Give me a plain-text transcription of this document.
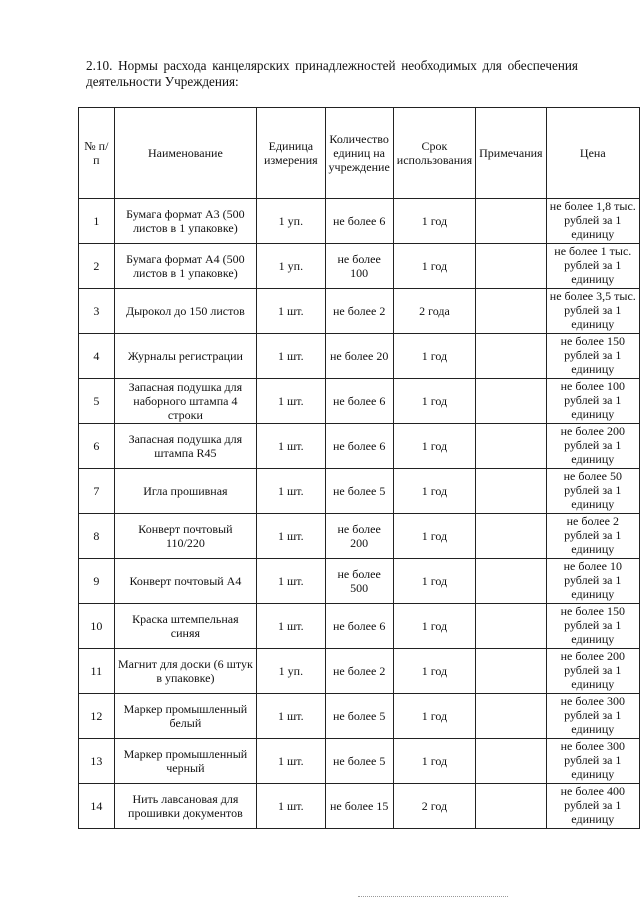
2.10. Нормы расхода канцелярских принадлежностей необходимых для обеспечения деятельности Учреждения:
№ п/п	Наименование	Единица измерения	Количество единиц на учреждение	Срок использования	Примечания	Цена
1	Бумага формат А3 (500 листов в 1 упаковке)	1 уп.	не более 6	1 год		не более 1,8 тыс. рублей за 1 единицу
2	Бумага формат А4 (500 листов в 1 упаковке)	1 уп.	не более 100	1 год		не более 1 тыс. рублей за 1 единицу
3	Дырокол до 150 листов	1 шт.	не более 2	2 года		не более 3,5 тыс. рублей за 1 единицу
4	Журналы регистрации	1 шт.	не более 20	1 год		не более 150 рублей за 1 единицу
5	Запасная подушка для наборного штампа 4 строки	1 шт.	не более 6	1 год		не более 100 рублей за 1 единицу
6	Запасная подушка для штампа R45	1 шт.	не более 6	1 год		не более 200 рублей за 1 единицу
7	Игла прошивная	1 шт.	не более 5	1 год		не более 50 рублей за 1 единицу
8	Конверт почтовый 110/220	1 шт.	не более 200	1 год		не более 2 рублей за 1 единицу
9	Конверт почтовый А4	1 шт.	не более 500	1 год		не более 10 рублей за 1 единицу
10	Краска штемпельная синяя	1 шт.	не более 6	1 год		не более 150 рублей за 1 единицу
11	Магнит для доски (6 штук в упаковке)	1 уп.	не более 2	1 год		не более 200 рублей за 1 единицу
12	Маркер промышленный белый	1 шт.	не более 5	1 год		не более 300 рублей за 1 единицу
13	Маркер промышленный черный	1 шт.	не более 5	1 год		не более 300 рублей за 1 единицу
14	Нить лавсановая для прошивки документов	1 шт.	не более 15	2 год		не более 400 рублей за 1 единицу
